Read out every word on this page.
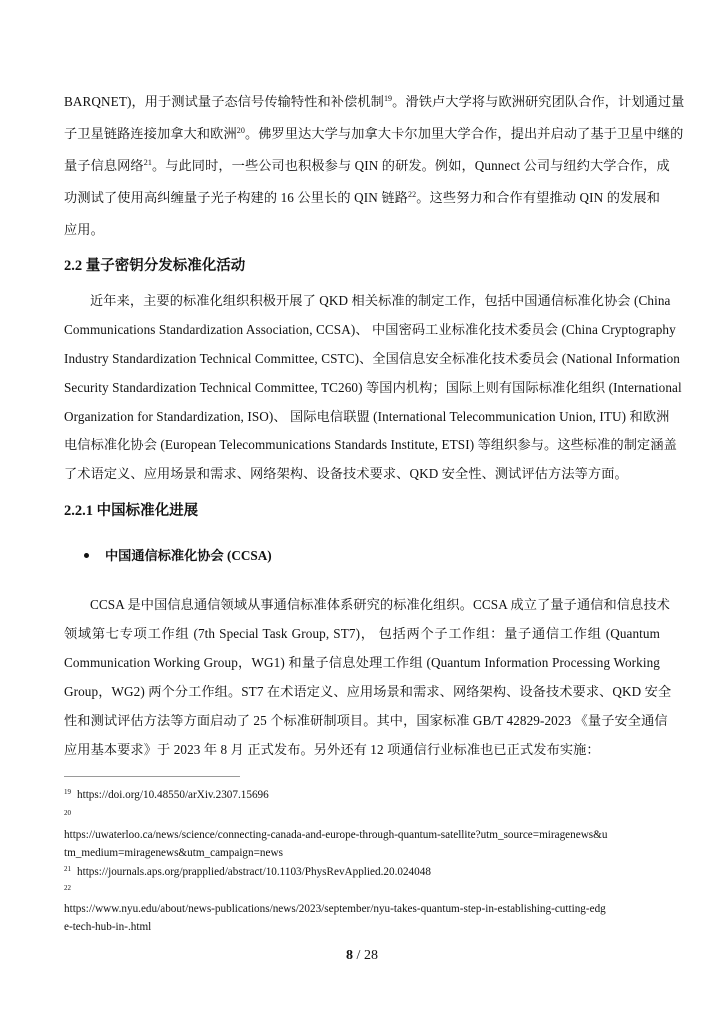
BARQNET)，用于测试量子态信号传输特性和补偿机制$^{19}$。滑铁卢大学将与欧洲研究团队合作，计划通过量
子卫星链路连接加拿大和欧洲$^{20}$。佛罗里达大学与加拿大卡尔加里大学合作，提出并启动了基于卫星中继的
量子信息网络$^{21}$。与此同时，一些公司也积极参与 QIN 的研发。例如，Qunnect 公司与纽约大学合作，成
功测试了使用高纠缠量子光子构建的 16 公里长的 QIN 链路$^{22}$。这些努力和合作有望推动 QIN 的发展和
应用。
2.2 量子密钥分发标准化活动
近年来，主要的标准化组织积极开展了 QKD 相关标准的制定工作，包括中国通信标准化协会 (China
Communications Standardization Association, CCSA)、 中国密码工业标准化技术委员会 (China Cryptography
Industry Standardization Technical Committee, CSTC)、全国信息安全标准化技术委员会 (National Information
Security Standardization Technical Committee, TC260) 等国内机构；国际上则有国际标准化组织 (International
Organization for Standardization, ISO)、 国际电信联盟 (International Telecommunication Union, ITU) 和欧洲
电信标准化协会 (European Telecommunications Standards Institute, ETSI) 等组织参与。这些标准的制定涵盖
了术语定义、应用场景和需求、网络架构、设备技术要求、QKD 安全性、测试评估方法等方面。
2.2.1 中国标准化进展
中国通信标准化协会 (CCSA)
CCSA 是中国信息通信领域从事通信标准体系研究的标准化组织。CCSA 成立了量子通信和信息技术
领域第七专项工作组 (7th Special Task Group, ST7)， 包括两个子工作组：量子通信工作组 (Quantum
Communication Working Group，WG1) 和量子信息处理工作组 (Quantum Information Processing Working
Group，WG2) 两个分工作组。ST7 在术语定义、应用场景和需求、网络架构、设备技术要求、QKD 安全
性和测试评估方法等方面启动了 25 个标准研制项目。其中，国家标准 GB/T 42829-2023 《量子安全通信
应用基本要求》于 2023 年 8 月 正式发布。另外还有 12 项通信行业标准也已正式发布实施：
$^{19}$ https://doi.org/10.48550/arXiv.2307.15696
20
https://uwaterloo.ca/news/science/connecting-canada-and-europe-through-quantum-satellite?utm_source=miragenews&u
tm_medium=miragenews&utm_campaign=news
$^{21}$ https://journals.aps.org/prapplied/abstract/10.1103/PhysRevApplied.20.024048
22
https://www.nyu.edu/about/news-publications/news/2023/september/nyu-takes-quantum-step-in-establishing-cutting-edg
e-tech-hub-in-.html
8 / 28
